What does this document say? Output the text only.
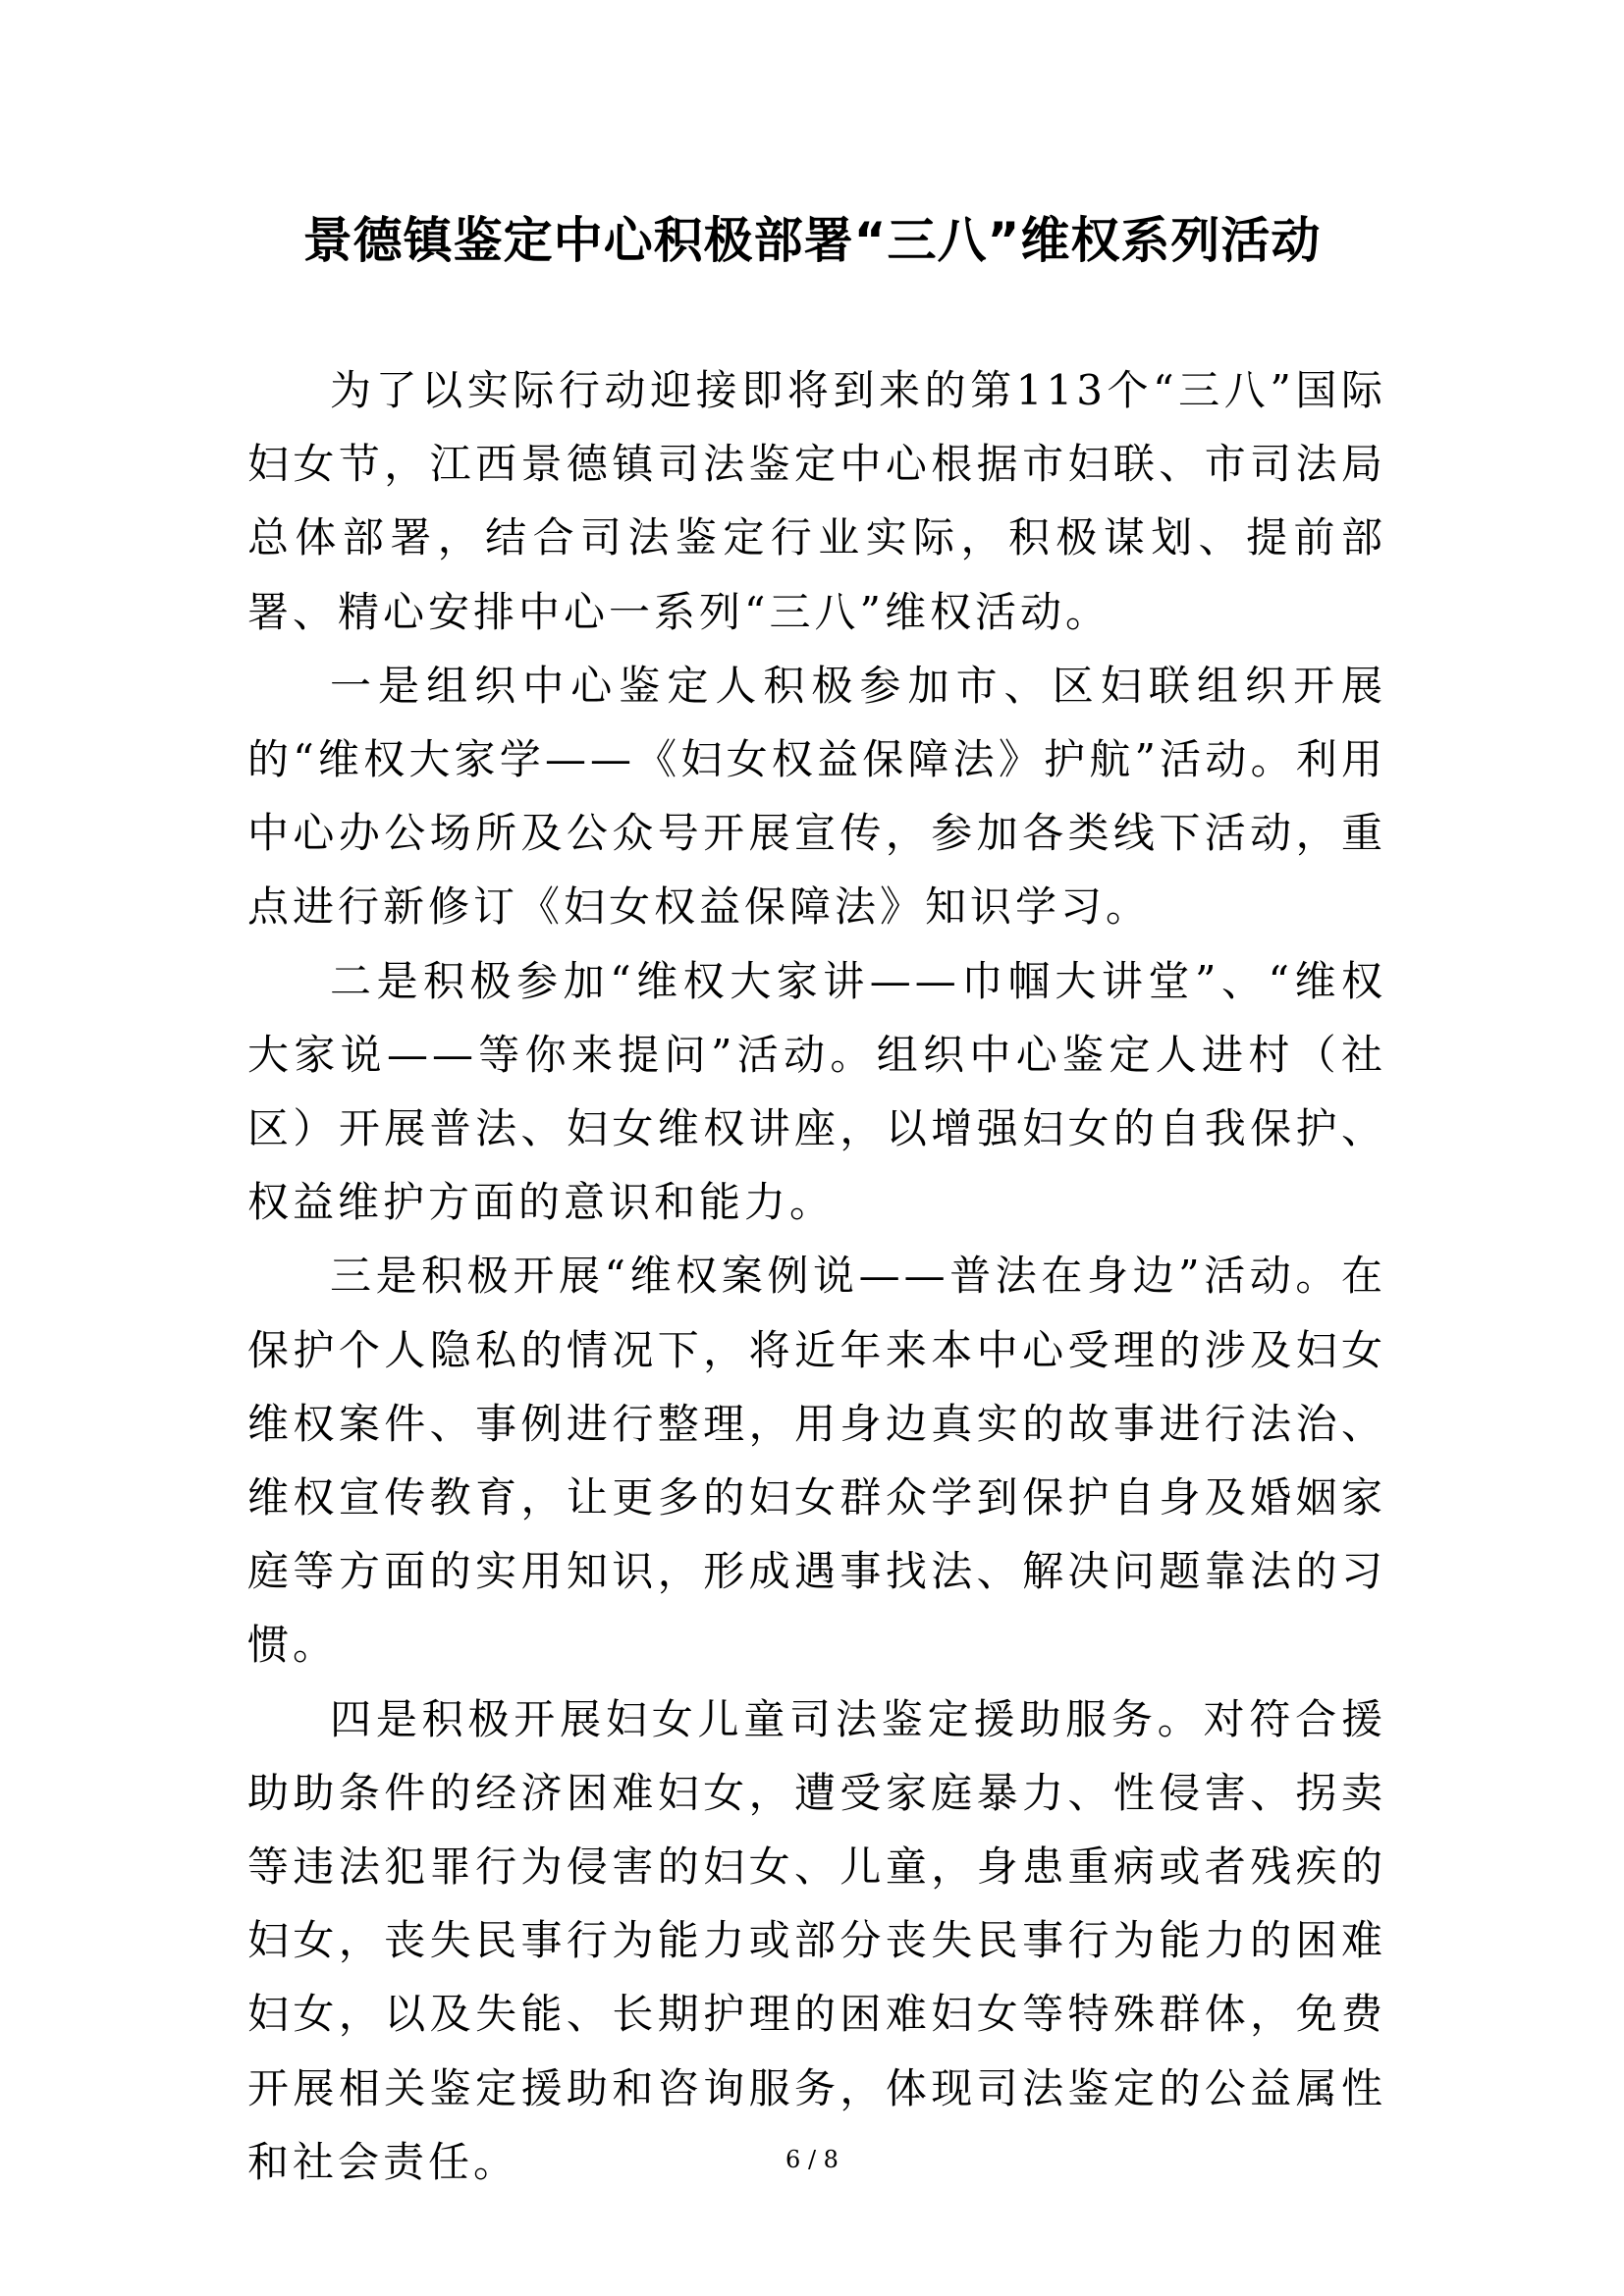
景德镇鉴定中心积极部署“三八”维权系列活动

为了以实际行动迎接即将到来的第113个“三八”国际妇女节，江西景德镇司法鉴定中心根据市妇联、市司法局总体部署，结合司法鉴定行业实际，积极谋划、提前部署、精心安排中心一系列“三八”维权活动。

一是组织中心鉴定人积极参加市、区妇联组织开展的“维权大家学——《妇女权益保障法》护航”活动。利用中心办公场所及公众号开展宣传，参加各类线下活动，重点进行新修订《妇女权益保障法》知识学习。

二是积极参加“维权大家讲——巾帼大讲堂”、“维权大家说——等你来提问”活动。组织中心鉴定人进村（社区）开展普法、妇女维权讲座，以增强妇女的自我保护、权益维护方面的意识和能力。

三是积极开展“维权案例说——普法在身边”活动。在保护个人隐私的情况下，将近年来本中心受理的涉及妇女维权案件、事例进行整理，用身边真实的故事进行法治、维权宣传教育，让更多的妇女群众学到保护自身及婚姻家庭等方面的实用知识，形成遇事找法、解决问题靠法的习惯。

四是积极开展妇女儿童司法鉴定援助服务。对符合援助助条件的经济困难妇女，遭受家庭暴力、性侵害、拐卖等违法犯罪行为侵害的妇女、儿童，身患重病或者残疾的妇女，丧失民事行为能力或部分丧失民事行为能力的困难妇女，以及失能、长期护理的困难妇女等特殊群体，免费开展相关鉴定援助和咨询服务，体现司法鉴定的公益属性和社会责任。	6 / 8
